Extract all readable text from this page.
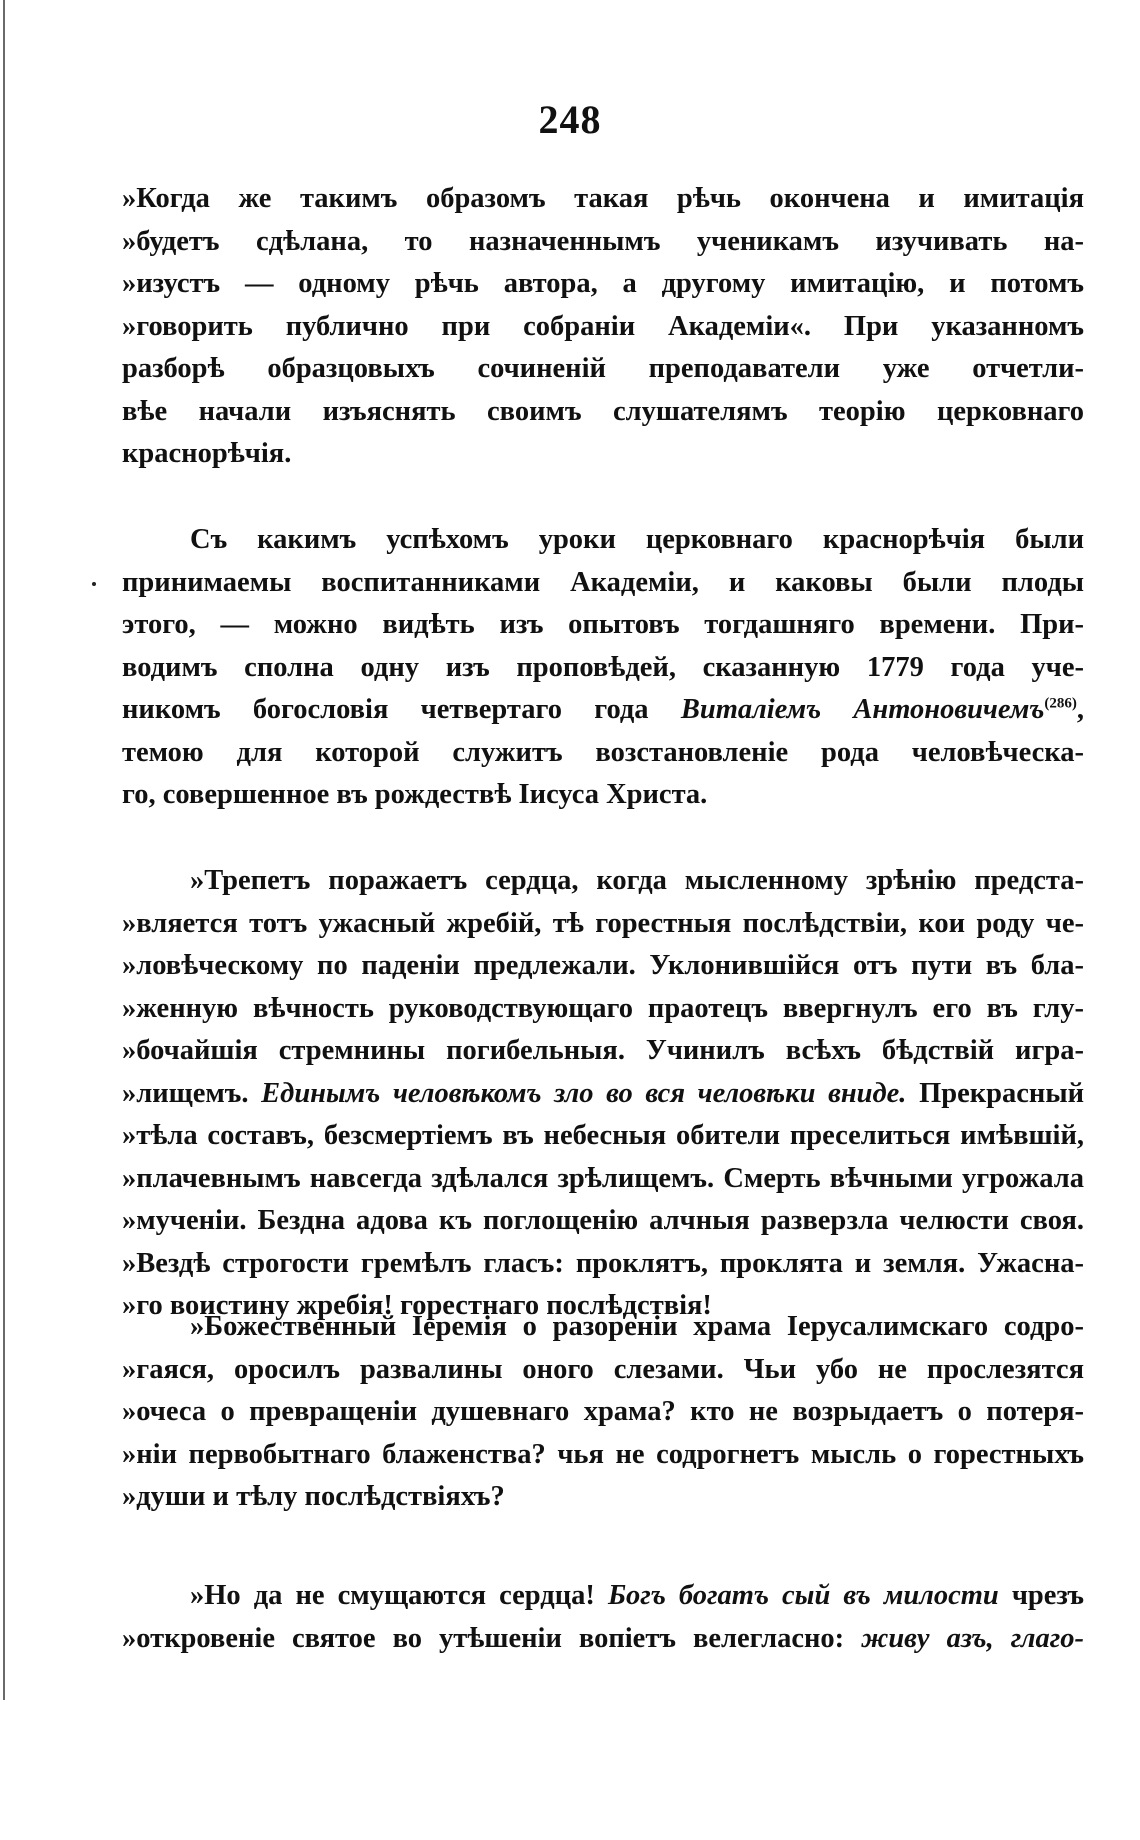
248
»Когда же такимъ образомъ такая рѣчь окончена и имитація
»будетъ сдѣлана, то назначеннымъ ученикамъ изучивать на-
»изустъ — одному рѣчь автора, а другому имитацію, и потомъ
»говорить публично при собраніи Академіи«. При указанномъ
разборѣ образцовыхъ сочиненій преподаватели уже отчетли-
вѣе начали изъяснять своимъ слушателямъ теорію церковнаго
краснорѣчія.
Съ какимъ успѣхомъ уроки церковнаго краснорѣчія были
принимаемы воспитанниками Академіи, и каковы были плоды
этого, — можно видѣть изъ опытовъ тогдашняго времени. При-
водимъ сполна одну изъ проповѣдей, сказанную 1779 года уче-
никомъ богословія четвертаго года Виталіемъ Антоновичемъ$^{(286)}$,
темою для которой служитъ возстановленіе рода человѣческа-
го, совершенное въ рождествѣ Іисуса Христа.
»Трепетъ поражаетъ сердца, когда мысленному зрѣнію предста-
»вляется тотъ ужасный жребій, тѣ горестныя послѣдствіи, кои роду че-
»ловѣческому по паденіи предлежали. Уклонившійся отъ пути въ бла-
»женную вѣчность руководствующаго праотецъ ввергнулъ его въ глу-
»бочайшія стремнины погибельныя. Учинилъ всѣхъ бѣдствій игра-
»лищемъ. Единымъ человѣкомъ зло во вся человѣки вниде. Прекрасный
»тѣла составъ, безсмертіемъ въ небесныя обители преселиться имѣвшій,
»плачевнымъ навсегда здѣлался зрѣлищемъ. Смерть вѣчными угрожала
»мученіи. Бездна адова къ поглощенію алчныя разверзла челюсти своя.
»Вездѣ строгости гремѣлъ гласъ: проклятъ, проклята и земля. Ужасна-
»го воистину жребія! горестнаго послѣдствія!
»Божественный Іеремія о разореніи храма Іерусалимскаго содро-
»гаяся, оросилъ развалины оного слезами. Чьи убо не прослезятся
»очеса о превращеніи душевнаго храма? кто не возрыдаетъ о потеря-
»ніи первобытнаго блаженства? чья не содрогнетъ мысль о горестныхъ
»души и тѣлу послѣдствіяхъ?
»Но да не смущаются сердца! Богъ богатъ сый въ милости чрезъ
»откровеніе святое во утѣшеніи вопіетъ велегласно: живу азъ, глаго-
